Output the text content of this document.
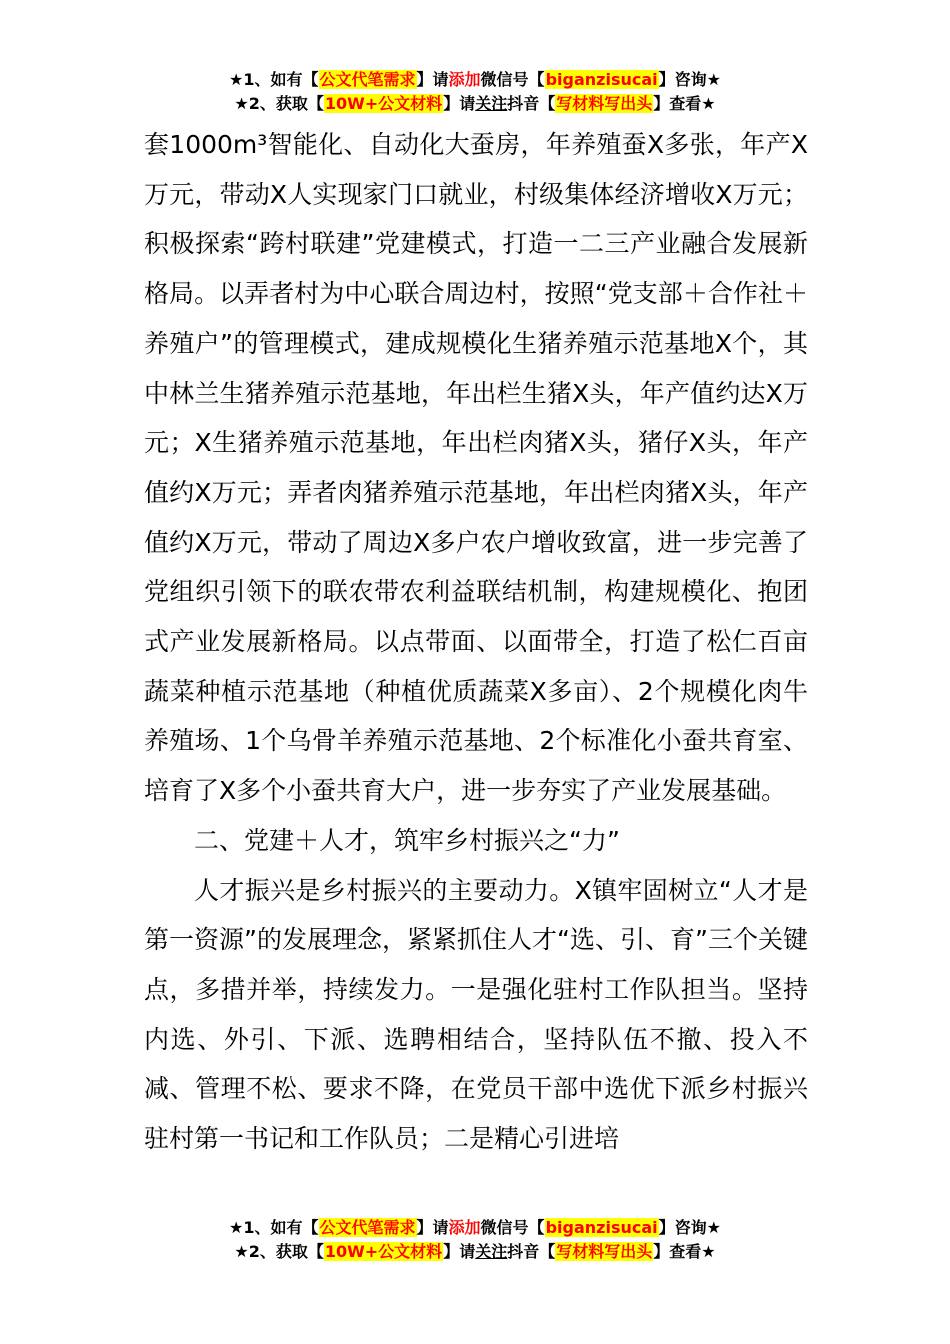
★1、如有【公文代笔需求】请添加微信号【biganzisucai】咨询★
★2、获取【10W+公文材料】请关注抖音【写材料写出头】查看★

套1000m³智能化、自动化大蚕房，年养殖蚕X多张，年产X万元，带动X人实现家门口就业，村级集体经济增收X万元；积极探索“跨村联建”党建模式，打造一二三产业融合发展新格局。以弄者村为中心联合周边村，按照“党支部＋合作社＋养殖户”的管理模式，建成规模化生猪养殖示范基地X个，其中林兰生猪养殖示范基地，年出栏生猪X头，年产值约达X万元；X生猪养殖示范基地，年出栏肉猪X头，猪仔X头，年产值约X万元；弄者肉猪养殖示范基地，年出栏肉猪X头，年产值约X万元，带动了周边X多户农户增收致富，进一步完善了党组织引领下的联农带农利益联结机制，构建规模化、抱团式产业发展新格局。以点带面、以面带全，打造了松仁百亩蔬菜种植示范基地（种植优质蔬菜X多亩）、2个规模化肉牛养殖场、1个乌骨羊养殖示范基地、2个标准化小蚕共育室、培育了X多个小蚕共育大户，进一步夯实了产业发展基础。

二、党建＋人才，筑牢乡村振兴之“力”

人才振兴是乡村振兴的主要动力。X镇牢固树立“人才是第一资源”的发展理念，紧紧抓住人才“选、引、育”三个关键点，多措并举，持续发力。一是强化驻村工作队担当。坚持内选、外引、下派、选聘相结合，坚持队伍不撤、投入不减、管理不松、要求不降，在党员干部中选优下派乡村振兴驻村第一书记和工作队员；二是精心引进培

★1、如有【公文代笔需求】请添加微信号【biganzisucai】咨询★
★2、获取【10W+公文材料】请关注抖音【写材料写出头】查看★
